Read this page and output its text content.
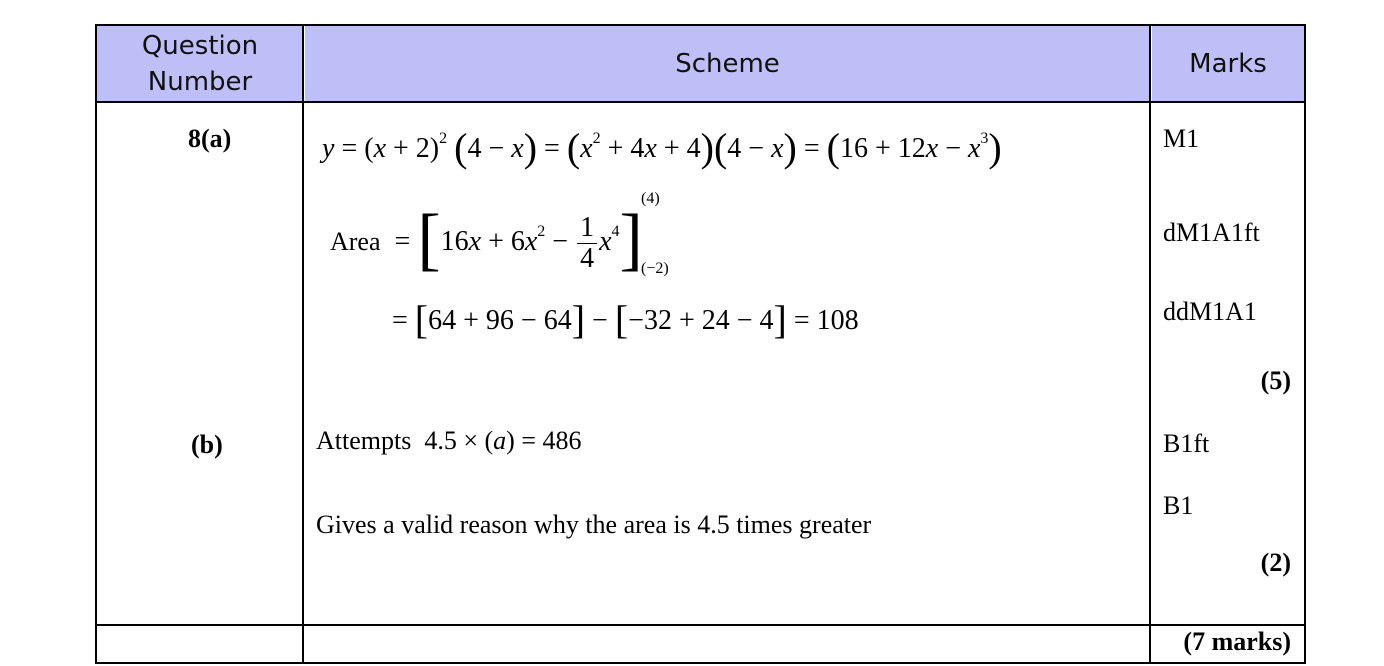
Question
Number
Scheme	Marks
8(a)
(b)
$y = (x + 2)^2$ $(4 - x) = (x^2 + 4x + 4)(4 - x) = (16 + 12x - x^3)$
Area  = $[16x + 6x^2 - \frac{1}{4} x^4]$
(4)
(−2)
= [64 + 96 − 64] − [−32 + 24 − 4] = 108
Attempts  4.5 × (a) = 486
Gives a valid reason why the area is 4.5 times greater
M1
dM1A1ft
ddM1A1
(5)
B1ft
B1
(2)
(7 marks)
